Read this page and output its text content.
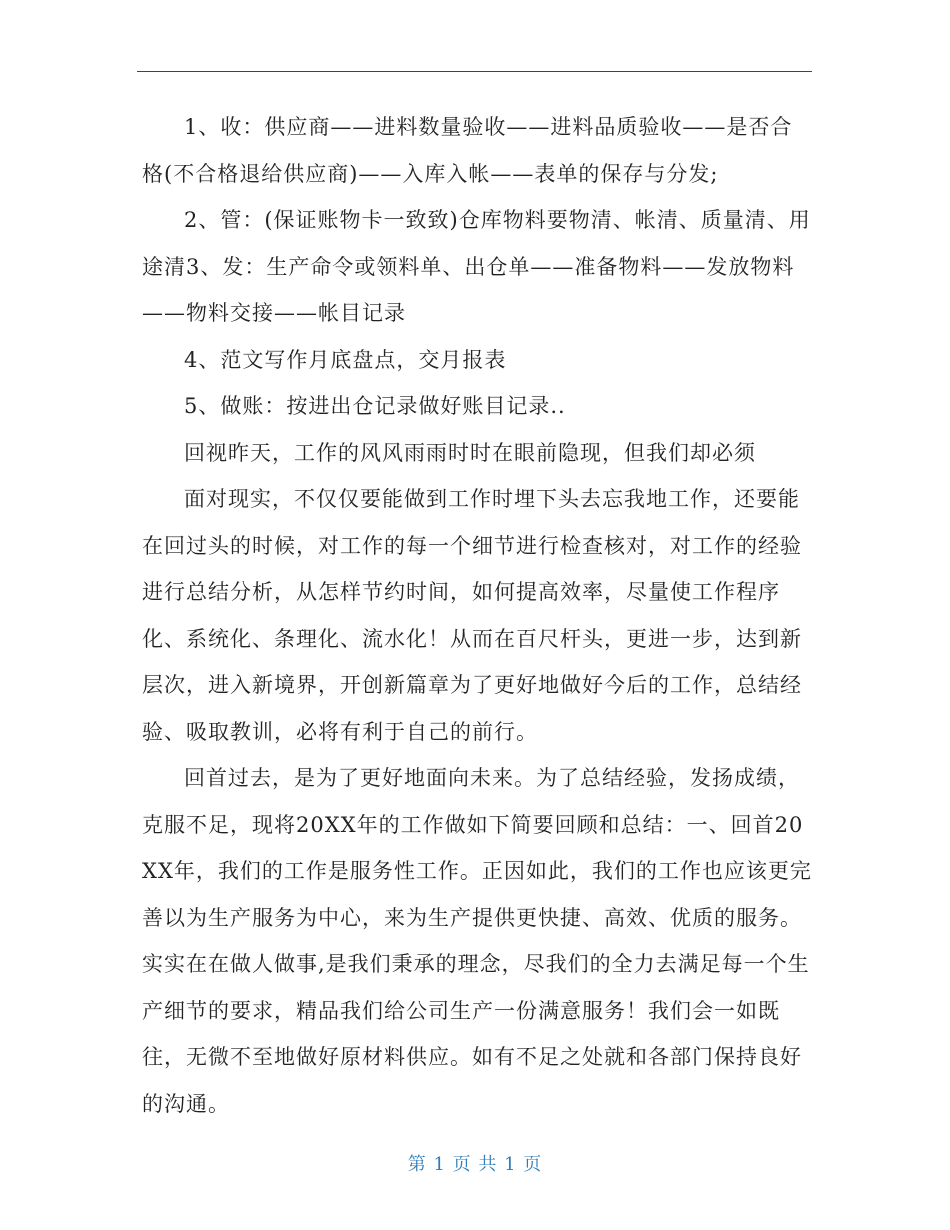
1、收：供应商——进料数量验收——进料品质验收——是否合格(不合格退给供应商)——入库入帐——表单的保存与分发;

2、管：(保证账物卡一致致)仓库物料要物清、帐清、质量清、用途清3、发：生产命令或领料单、出仓单——准备物料——发放物料——物料交接——帐目记录

4、范文写作月底盘点，交月报表

5、做账：按进出仓记录做好账目记录..

回视昨天，工作的风风雨雨时时在眼前隐现，但我们却必须

面对现实，不仅仅要能做到工作时埋下头去忘我地工作，还要能在回过头的时候，对工作的每一个细节进行检查核对，对工作的经验进行总结分析，从怎样节约时间，如何提高效率，尽量使工作程序化、系统化、条理化、流水化！从而在百尺杆头，更进一步，达到新层次，进入新境界，开创新篇章为了更好地做好今后的工作，总结经验、吸取教训，必将有利于自己的前行。

回首过去，是为了更好地面向未来。为了总结经验，发扬成绩，克服不足，现将20XX年的工作做如下简要回顾和总结：一、回首20XX年，我们的工作是服务性工作。正因如此，我们的工作也应该更完善以为生产服务为中心，来为生产提供更快捷、高效、优质的服务。实实在在做人做事,是我们秉承的理念，尽我们的全力去满足每一个生产细节的要求，精品我们给公司生产一份满意服务！我们会一如既往，无微不至地做好原材料供应。如有不足之处就和各部门保持良好的沟通。

第 1 页 共 1 页
